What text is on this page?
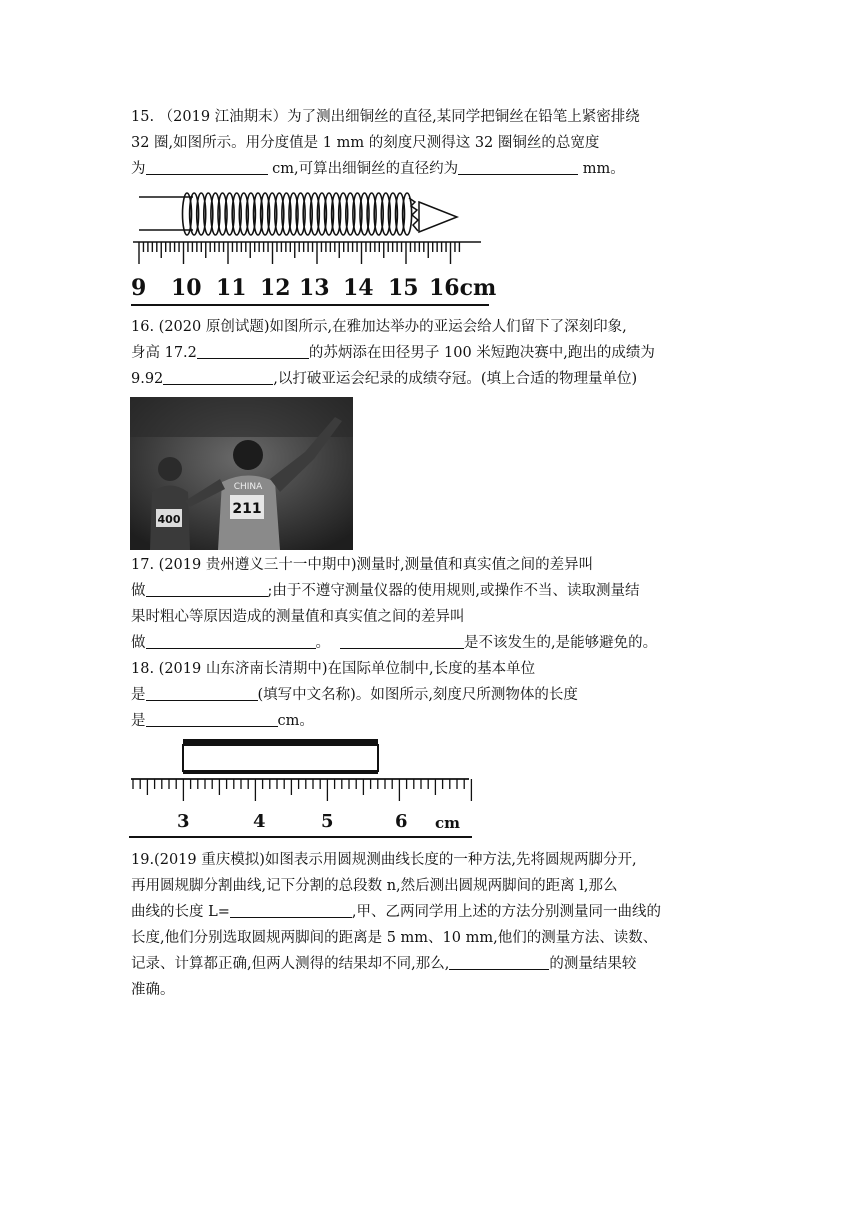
15. （2019 江油期末）为了测出细铜丝的直径,某同学把铜丝在铅笔上紧密排绕
32 圈,如图所示。用分度值是 1 mm 的刻度尺测得这 32 圈铜丝的总宽度
为	cm,可算出细铜丝的直径约为	mm。
9 10 11 12 13 14 15 16cm
16. (2020 原创试题)如图所示,在雅加达举办的亚运会给人们留下了深刻印象,
身高 17.2	的苏炳添在田径男子 100 米短跑决赛中,跑出的成绩为
9.92	,以打破亚运会纪录的成绩夺冠。(填上合适的物理量单位)
400
CHINA
211
17. (2019 贵州遵义三十一中期中)测量时,测量值和真实值之间的差异叫
做	;由于不遵守测量仪器的使用规则,或操作不当、读取测量结
果时粗心等原因造成的测量值和真实值之间的差异叫
做	。	是不该发生的,是能够避免的。
18. (2019 山东济南长清期中)在国际单位制中,长度的基本单位
是	(填写中文名称)。如图所示,刻度尺所测物体的长度
是	cm。
3	4	5	6 cm
19.(2019 重庆模拟)如图表示用圆规测曲线长度的一种方法,先将圆规两脚分开,
再用圆规脚分割曲线,记下分割的总段数 n,然后测出圆规两脚间的距离 l,那么
曲线的长度 L=	,甲、乙两同学用上述的方法分别测量同一曲线的
长度,他们分别选取圆规两脚间的距离是 5 mm、10 mm,他们的测量方法、读数、
记录、计算都正确,但两人测得的结果却不同,那么,	的测量结果较
准确。
